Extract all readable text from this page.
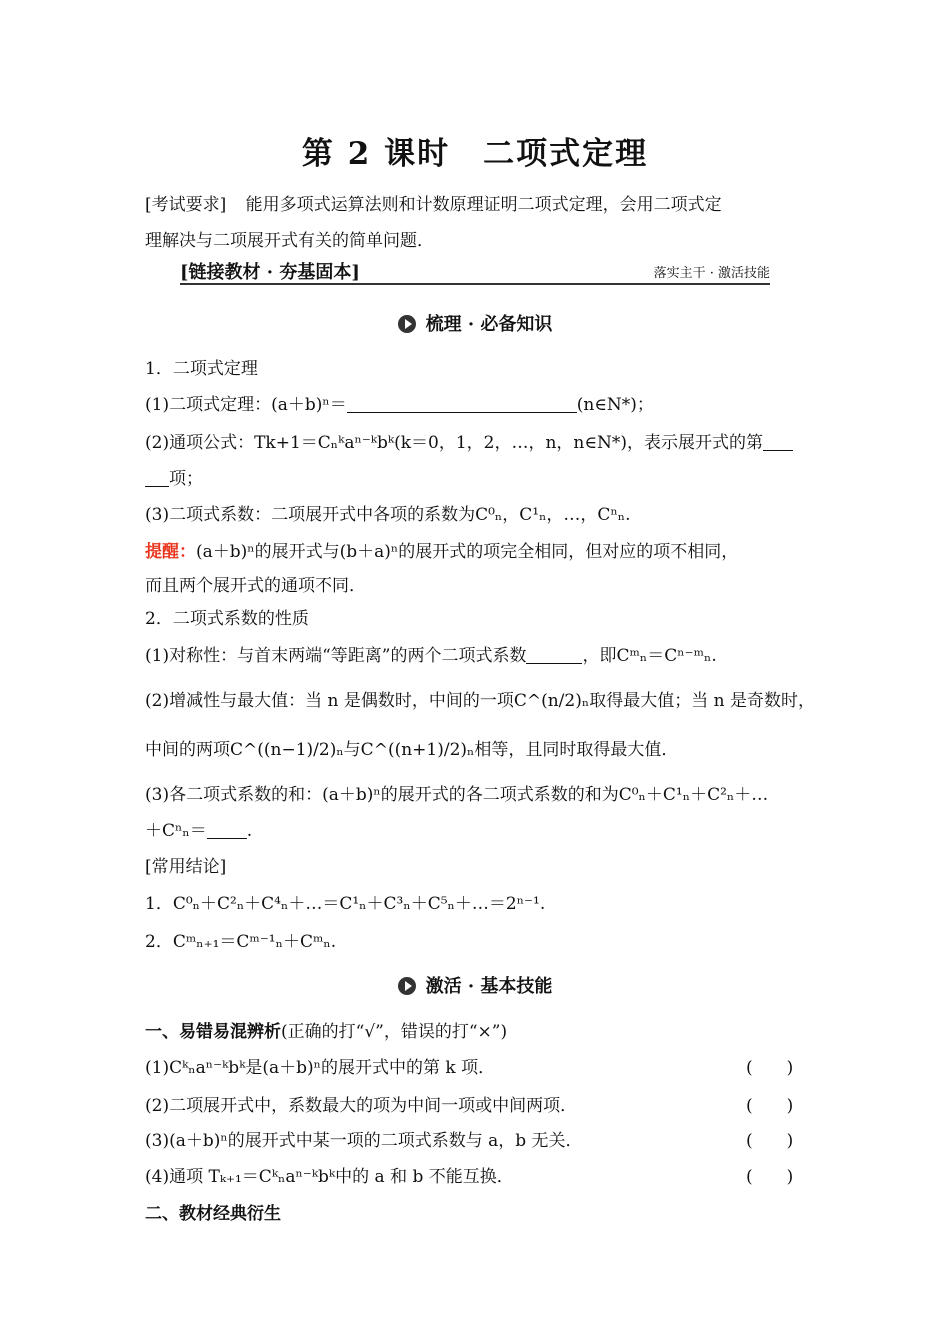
第 2 课时　二项式定理
[考试要求] 能用多项式运算法则和计数原理证明二项式定理，会用二项式定
理解决与二项展开式有关的简单问题．
[链接教材 · 夯基固本]	落实主干 · 激活技能
梳理 · 必备知识
1．二项式定理
(1)二项式定理：(a＋b)ⁿ＝	(n∈N*)；
(2)通项公式：Tk+1＝Cₙᵏaⁿ⁻ᵏbᵏ(k＝0，1，2，…，n，n∈N*)，表示展开式的第
项；
(3)二项式系数：二项展开式中各项的系数为C⁰ₙ，C¹ₙ，…，Cⁿₙ.
提醒：(a＋b)ⁿ的展开式与(b＋a)ⁿ的展开式的项完全相同，但对应的项不相同，
而且两个展开式的通项不同．
2．二项式系数的性质
(1)对称性：与首末两端“等距离”的两个二项式系数	，即Cᵐₙ＝Cⁿ⁻ᵐₙ.
(2)增减性与最大值：当 n 是偶数时，中间的一项C^(n/2)ₙ取得最大值；当 n 是奇数时，
中间的两项C^((n−1)/2)ₙ与C^((n+1)/2)ₙ相等，且同时取得最大值．
(3)各二项式系数的和：(a＋b)ⁿ的展开式的各二项式系数的和为C⁰ₙ＋C¹ₙ＋C²ₙ＋…
＋Cⁿₙ＝ .
[常用结论]
1．C⁰ₙ＋C²ₙ＋C⁴ₙ＋…＝C¹ₙ＋C³ₙ＋C⁵ₙ＋…＝2ⁿ⁻¹.
2．Cᵐₙ₊₁＝Cᵐ⁻¹ₙ＋Cᵐₙ.
激活 · 基本技能
一、易错易混辨析(正确的打“√”，错误的打“×”)
(1)Cᵏₙaⁿ⁻ᵏbᵏ是(a＋b)ⁿ的展开式中的第 k 项．	(　　)
(2)二项展开式中，系数最大的项为中间一项或中间两项．	(　　)
(3)(a＋b)ⁿ的展开式中某一项的二项式系数与 a，b 无关．	(　　)
(4)通项 Tₖ₊₁＝Cᵏₙaⁿ⁻ᵏbᵏ中的 a 和 b 不能互换．	(　　)
二、教材经典衍生
